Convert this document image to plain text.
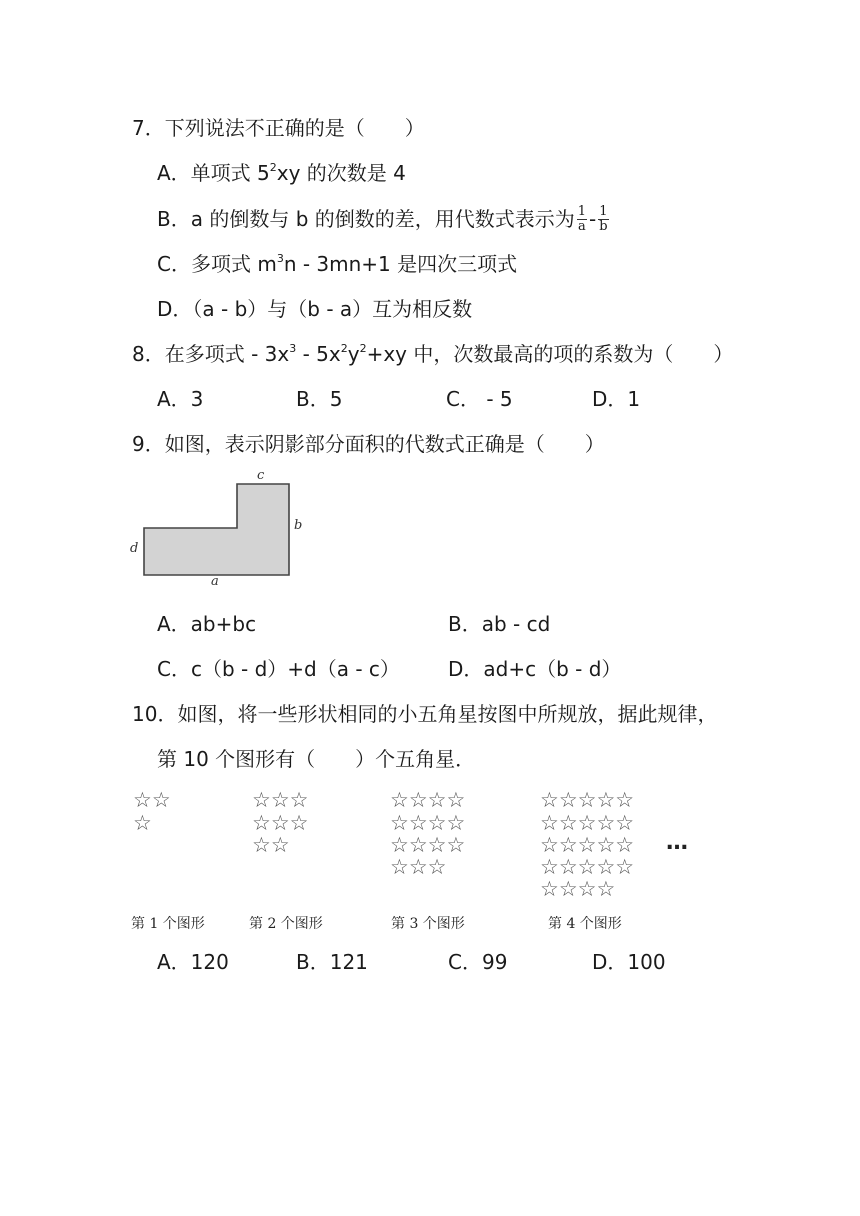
7．下列说法不正确的是（　　）
A．单项式 $5^2xy$ 的次数是 4
B．a 的倒数与 b 的倒数的差，用代数式表示为 $\frac{1}{a} - \frac{1}{b}$
C．多项式 $m^3n - 3mn+1$ 是四次三项式
D．（a - b）与（b - a）互为相反数
8．在多项式 - $3x^3 - 5x^2y^2+xy$ 中，次数最高的项的系数为（　　）
A．3	B．5	C． - 5	D．1
9．如图，表示阴影部分面积的代数式正确是（　　）
c
b
d
a
A．ab+bc	B．ab - cd
C．c（b - d）+d（a - c） D．ad+c（b - d）
10．如图，将一些形状相同的小五角星按图中所规放，据此规律，
第 10 个图形有（　　）个五角星．
☆☆
☆
☆☆☆
☆☆☆
☆☆
☆☆☆☆
☆☆☆☆
☆☆☆☆
☆☆☆
☆☆☆☆☆
☆☆☆☆☆
☆☆☆☆☆
☆☆☆☆☆
☆☆☆☆
…
第 1 个图形	第 2 个图形	第 3 个图形	第 4 个图形
A．120	B．121	C．99	D．100
